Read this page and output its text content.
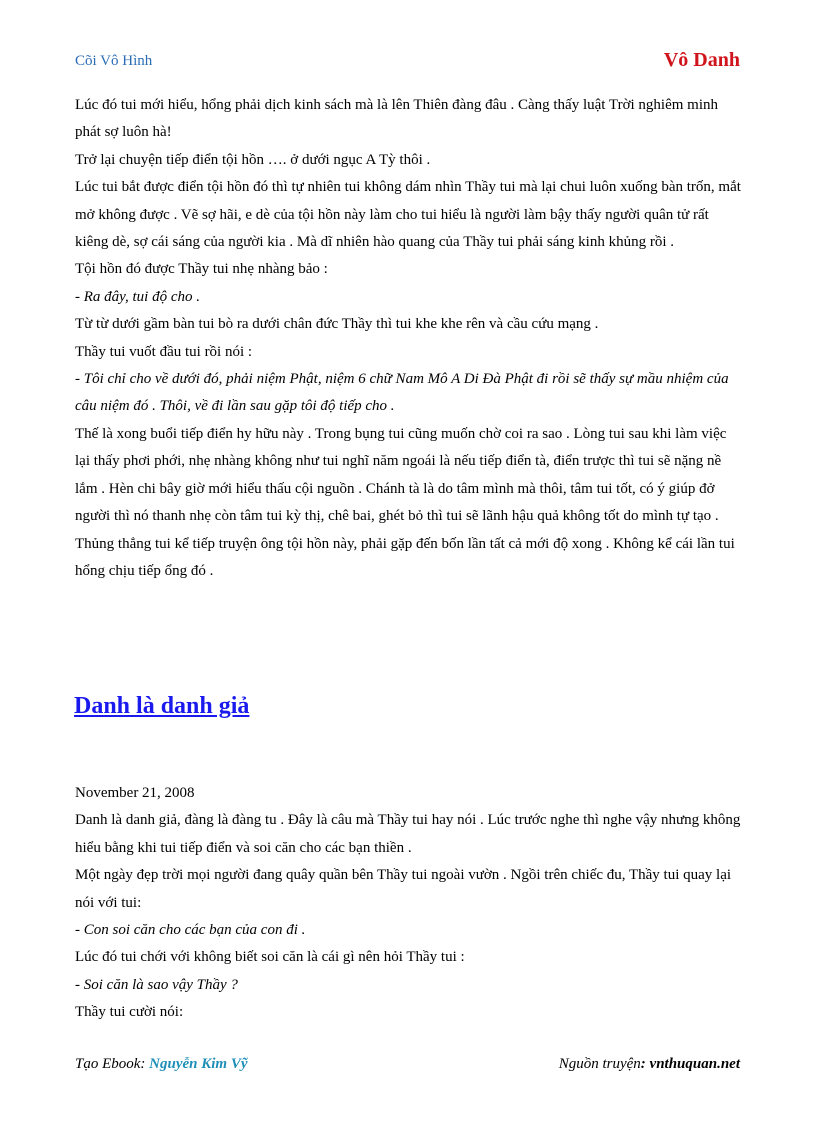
Cõi Vô Hình	Vô Danh

Lúc đó tui mới hiểu, hổng phải dịch kinh sách mà là lên Thiên đàng đâu . Càng thấy luật Trời nghiêm minh phát sợ luôn hà!

Trở lại chuyện tiếp điển tội hồn …. ở dưới ngục A Tỳ thôi .

Lúc tui bắt được điển tội hồn đó thì tự nhiên tui không dám nhìn Thầy tui mà lại chui luôn xuống bàn trốn, mắt mở không được . Vẽ sợ hãi, e dè của tội hồn này làm cho tui hiểu là người làm bậy thấy người quân tử rất kiêng dè, sợ cái sáng của người kia . Mà dĩ nhiên hào quang của Thầy tui phải sáng kinh khủng rồi .

Tội hồn đó được Thầy tui nhẹ nhàng bảo :

- Ra đây, tui độ cho .

Từ từ dưới gầm bàn tui bò ra dưới chân đức Thầy thì tui khe khe rên và cầu cứu mạng .

Thầy tui vuốt đầu tui rồi nói :

- Tôi chỉ cho về dưới đó, phải niệm Phật, niệm 6 chữ Nam Mô A Di Đà Phật đi rồi sẽ thấy sự mầu nhiệm của câu niệm đó . Thôi, về đi lần sau gặp tôi độ tiếp cho .

Thế là xong buổi tiếp điển hy hữu này . Trong bụng tui cũng muốn chờ coi ra sao . Lòng tui sau khi làm việc lại thấy phơi phới, nhẹ nhàng không như tui nghĩ năm ngoái là nếu tiếp điển tà, điển trược thì tui sẽ nặng nề lắm . Hèn chi bây giờ mới hiểu thấu cội nguồn . Chánh tà là do tâm mình mà thôi, tâm tui tốt, có ý giúp đở người thì nó thanh nhẹ còn tâm tui kỳ thị, chê bai, ghét bỏ thì tui sẽ lãnh hậu quả không tốt do mình tự tạo .

Thủng thẳng tui kể tiếp truyện ông tội hồn này, phải gặp đến bốn lần tất cả mới độ xong . Không kể cái lần tui hổng chịu tiếp ổng đó .

Danh là danh giả

November 21, 2008

Danh là danh giả, đàng là đàng tu . Đây là câu mà Thầy tui hay nói . Lúc trước nghe thì nghe vậy nhưng không hiểu bằng khi tui tiếp điển và soi căn cho các bạn thiền .

Một ngày đẹp trời mọi người đang quây quần bên Thầy tui ngoài vườn . Ngồi trên chiếc đu, Thầy tui quay lại nói với tui:

- Con soi căn cho các bạn của con đi .

Lúc đó tui chới với không biết soi căn là cái gì nên hỏi Thầy tui :

- Soi căn là sao vậy Thầy ?

Thầy tui cười nói:

Tạo Ebook: Nguyễn Kim Vỹ	Nguồn truyện: vnthuquan.net
